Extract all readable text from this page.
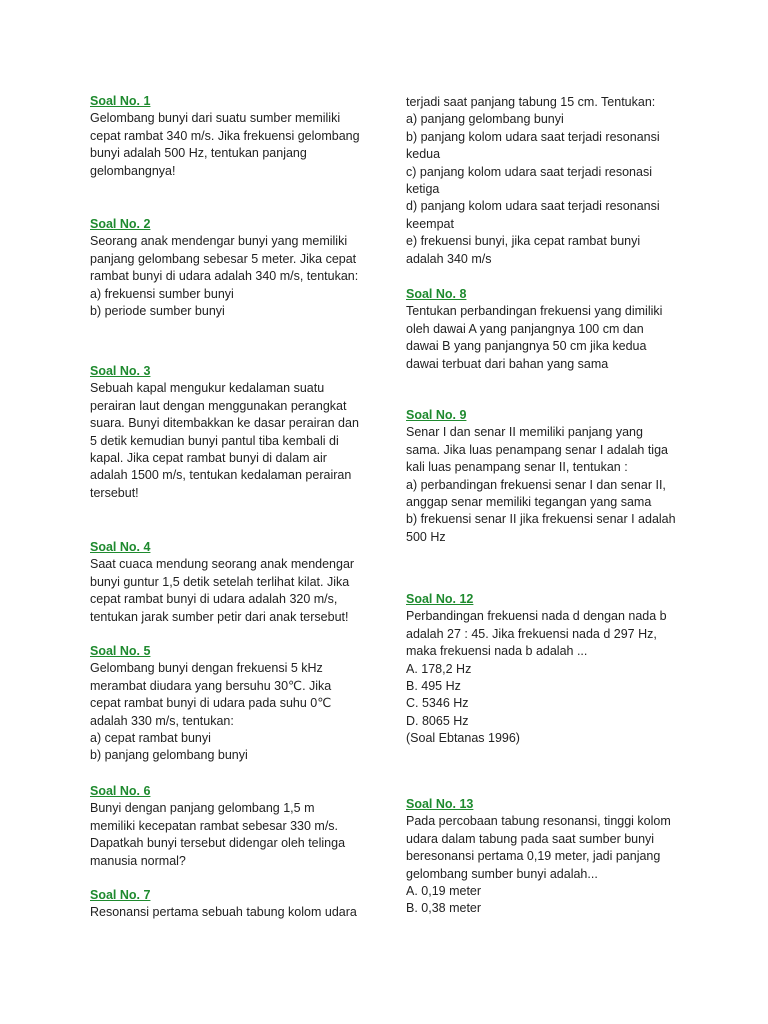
Soal No. 1

Gelombang bunyi dari suatu sumber memiliki

cepat rambat 340 m/s. Jika frekuensi gelombang

bunyi adalah 500 Hz, tentukan panjang

gelombangnya!

Soal No. 2

Seorang anak mendengar bunyi yang memiliki

panjang gelombang sebesar 5 meter. Jika cepat

rambat bunyi di udara adalah 340 m/s, tentukan:

a) frekuensi sumber bunyi

b) periode sumber bunyi

Soal No. 3

Sebuah kapal mengukur kedalaman suatu

perairan laut dengan menggunakan perangkat

suara. Bunyi ditembakkan ke dasar perairan dan

5 detik kemudian bunyi pantul tiba kembali di

kapal. Jika cepat rambat bunyi di dalam air

adalah 1500 m/s, tentukan kedalaman perairan

tersebut!

Soal No. 4

Saat cuaca mendung seorang anak mendengar

bunyi guntur 1,5 detik setelah terlihat kilat. Jika

cepat rambat bunyi di udara adalah 320 m/s,

tentukan jarak sumber petir dari anak tersebut!

Soal No. 5

Gelombang bunyi dengan frekuensi 5 kHz

merambat diudara yang bersuhu 30℃. Jika

cepat rambat bunyi di udara pada suhu 0℃

adalah 330 m/s, tentukan:

a) cepat rambat bunyi

b) panjang gelombang bunyi

Soal No. 6

Bunyi dengan panjang gelombang 1,5 m

memiliki kecepatan rambat sebesar 330 m/s.

Dapatkah bunyi tersebut didengar oleh telinga

manusia normal?

Soal No. 7

Resonansi pertama sebuah tabung kolom udara

terjadi saat panjang tabung 15 cm. Tentukan:

a) panjang gelombang bunyi

b) panjang kolom udara saat terjadi resonansi

kedua

c) panjang kolom udara saat terjadi resonasi

ketiga

d) panjang kolom udara saat terjadi resonansi

keempat

e) frekuensi bunyi, jika cepat rambat bunyi

adalah 340 m/s

Soal No. 8

Tentukan perbandingan frekuensi yang dimiliki

oleh dawai A yang panjangnya 100 cm dan

dawai B yang panjangnya 50 cm jika kedua

dawai terbuat dari bahan yang sama

Soal No. 9

Senar I dan senar II memiliki panjang yang

sama. Jika luas penampang senar I adalah tiga

kali luas penampang senar II, tentukan :

a) perbandingan frekuensi senar I dan senar II,

anggap senar memiliki tegangan yang sama

b) frekuensi senar II jika frekuensi senar I adalah

500 Hz

Soal No. 12

Perbandingan frekuensi nada d dengan nada b

adalah 27 : 45. Jika frekuensi nada d 297 Hz,

maka frekuensi nada b adalah ...

A. 178,2 Hz

B. 495 Hz

C. 5346 Hz

D. 8065 Hz

(Soal Ebtanas 1996)

Soal No. 13

Pada percobaan tabung resonansi, tinggi kolom

udara dalam tabung pada saat sumber bunyi

beresonansi pertama 0,19 meter, jadi panjang

gelombang sumber bunyi adalah...

A. 0,19 meter

B. 0,38 meter
